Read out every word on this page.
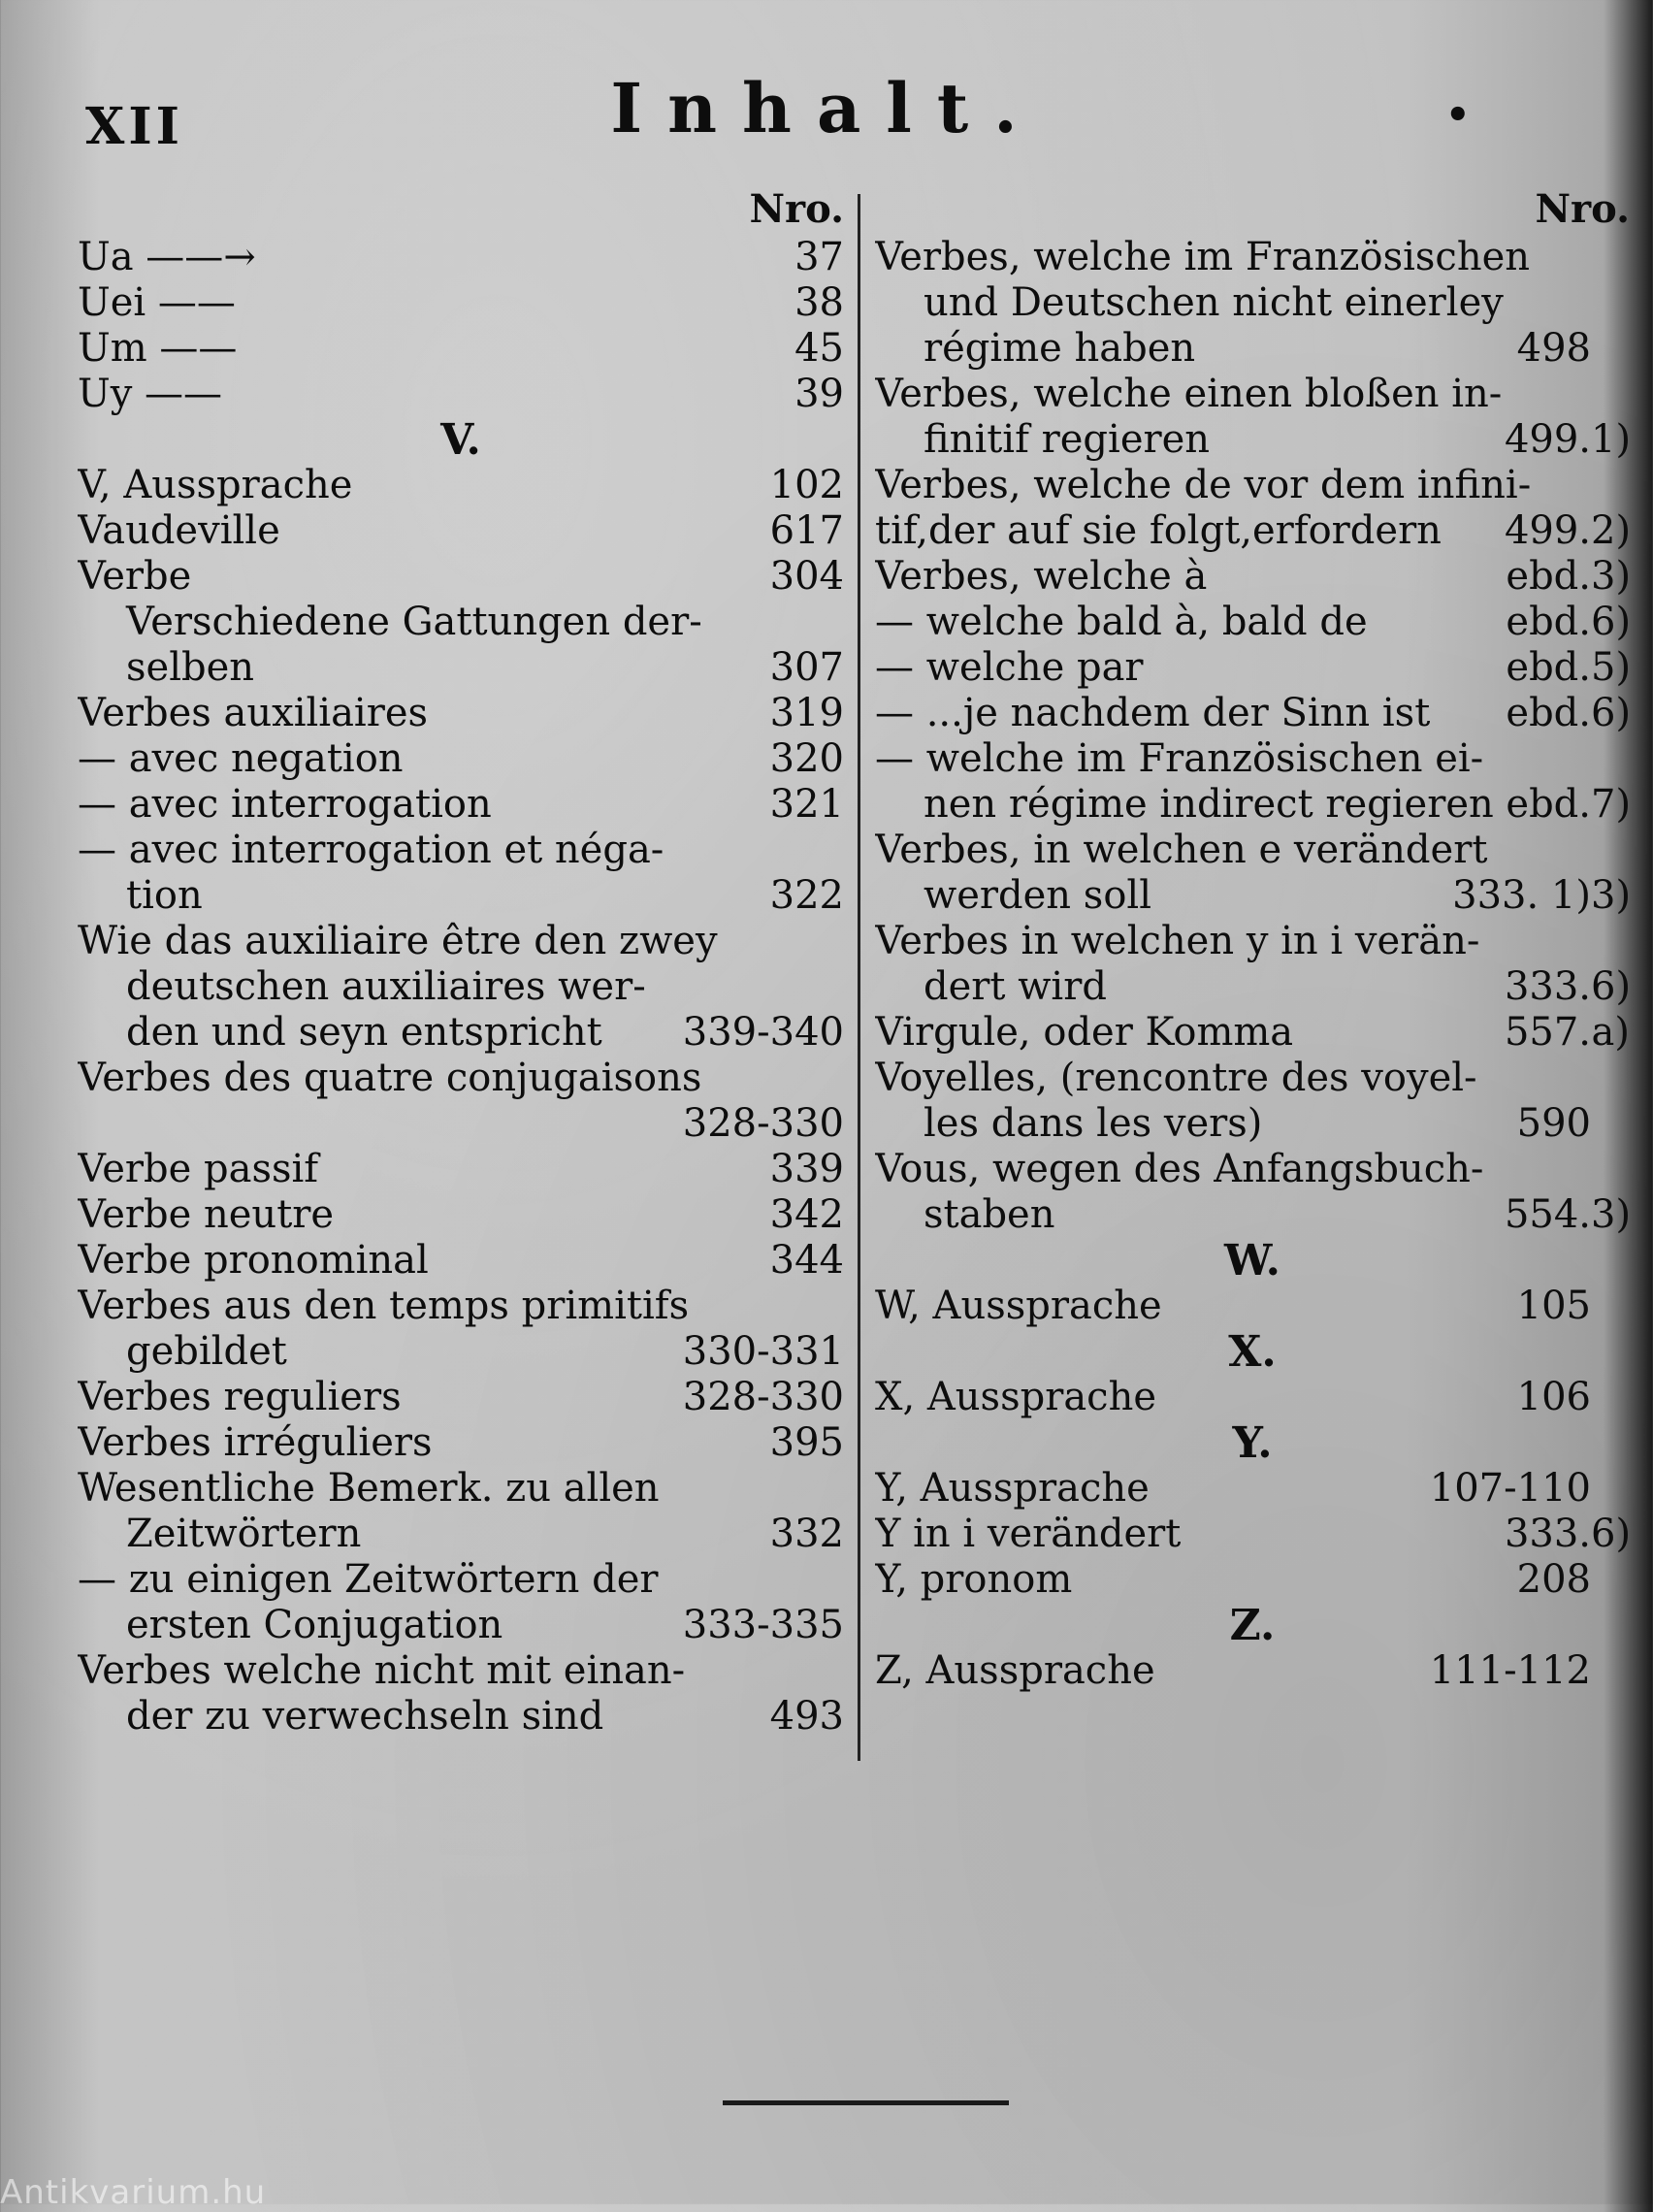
XII	Inhalt.	•
Nro.
Ua ——→	37
Uei ——	38
Um ——	45
Uy ——	39
V.
V, Aussprache	102
Vaudeville	617
Verbe	304
Verschiedene Gattungen der-
selben	307
Verbes auxiliaires	319
— avec negation	320
— avec interrogation	321
— avec interrogation et néga-
tion	322
Wie das auxiliaire être den zwey
deutschen auxiliaires wer-
den und seyn entspricht	339-340
Verbes des quatre conjugaisons
328-330
Verbe passif	339
Verbe neutre	342
Verbe pronominal	344
Verbes aus den temps primitifs
gebildet	330-331
Verbes reguliers	328-330
Verbes irréguliers	395
Wesentliche Bemerk. zu allen
Zeitwörtern	332
— zu einigen Zeitwörtern der
ersten Conjugation	333-335
Verbes welche nicht mit einan-
der zu verwechseln sind	493
Nro.
Verbes, welche im Französischen
und Deutschen nicht einerley
régime haben	498
Verbes, welche einen bloßen in-
finitif regieren	499. 1)
Verbes, welche de vor dem infini-
tif,der auf sie folgt,erfordern	499. 2)
Verbes, welche à	ebd. 3)
— welche bald à, bald de	ebd. 6)
— welche par	ebd. 5)
— ...je nachdem der Sinn ist	ebd. 6)
— welche im Französischen ei-
nen régime indirect regieren ebd. 7)
Verbes, in welchen e verändert
werden soll	333. 1) 3)
Verbes in welchen y in i verän-
dert wird	333. 6)
Virgule, oder Komma	557. a)
Voyelles, (rencontre des voyel-
les dans les vers)	590
Vous, wegen des Anfangsbuch-
staben	554. 3)
W.
W, Aussprache	105
X.
X, Aussprache	106
Y.
Y, Aussprache	107-110
Y in i verändert	333. 6)
Y, pronom	208
Z.
Z, Aussprache	111-112
Antikvarium.hu
